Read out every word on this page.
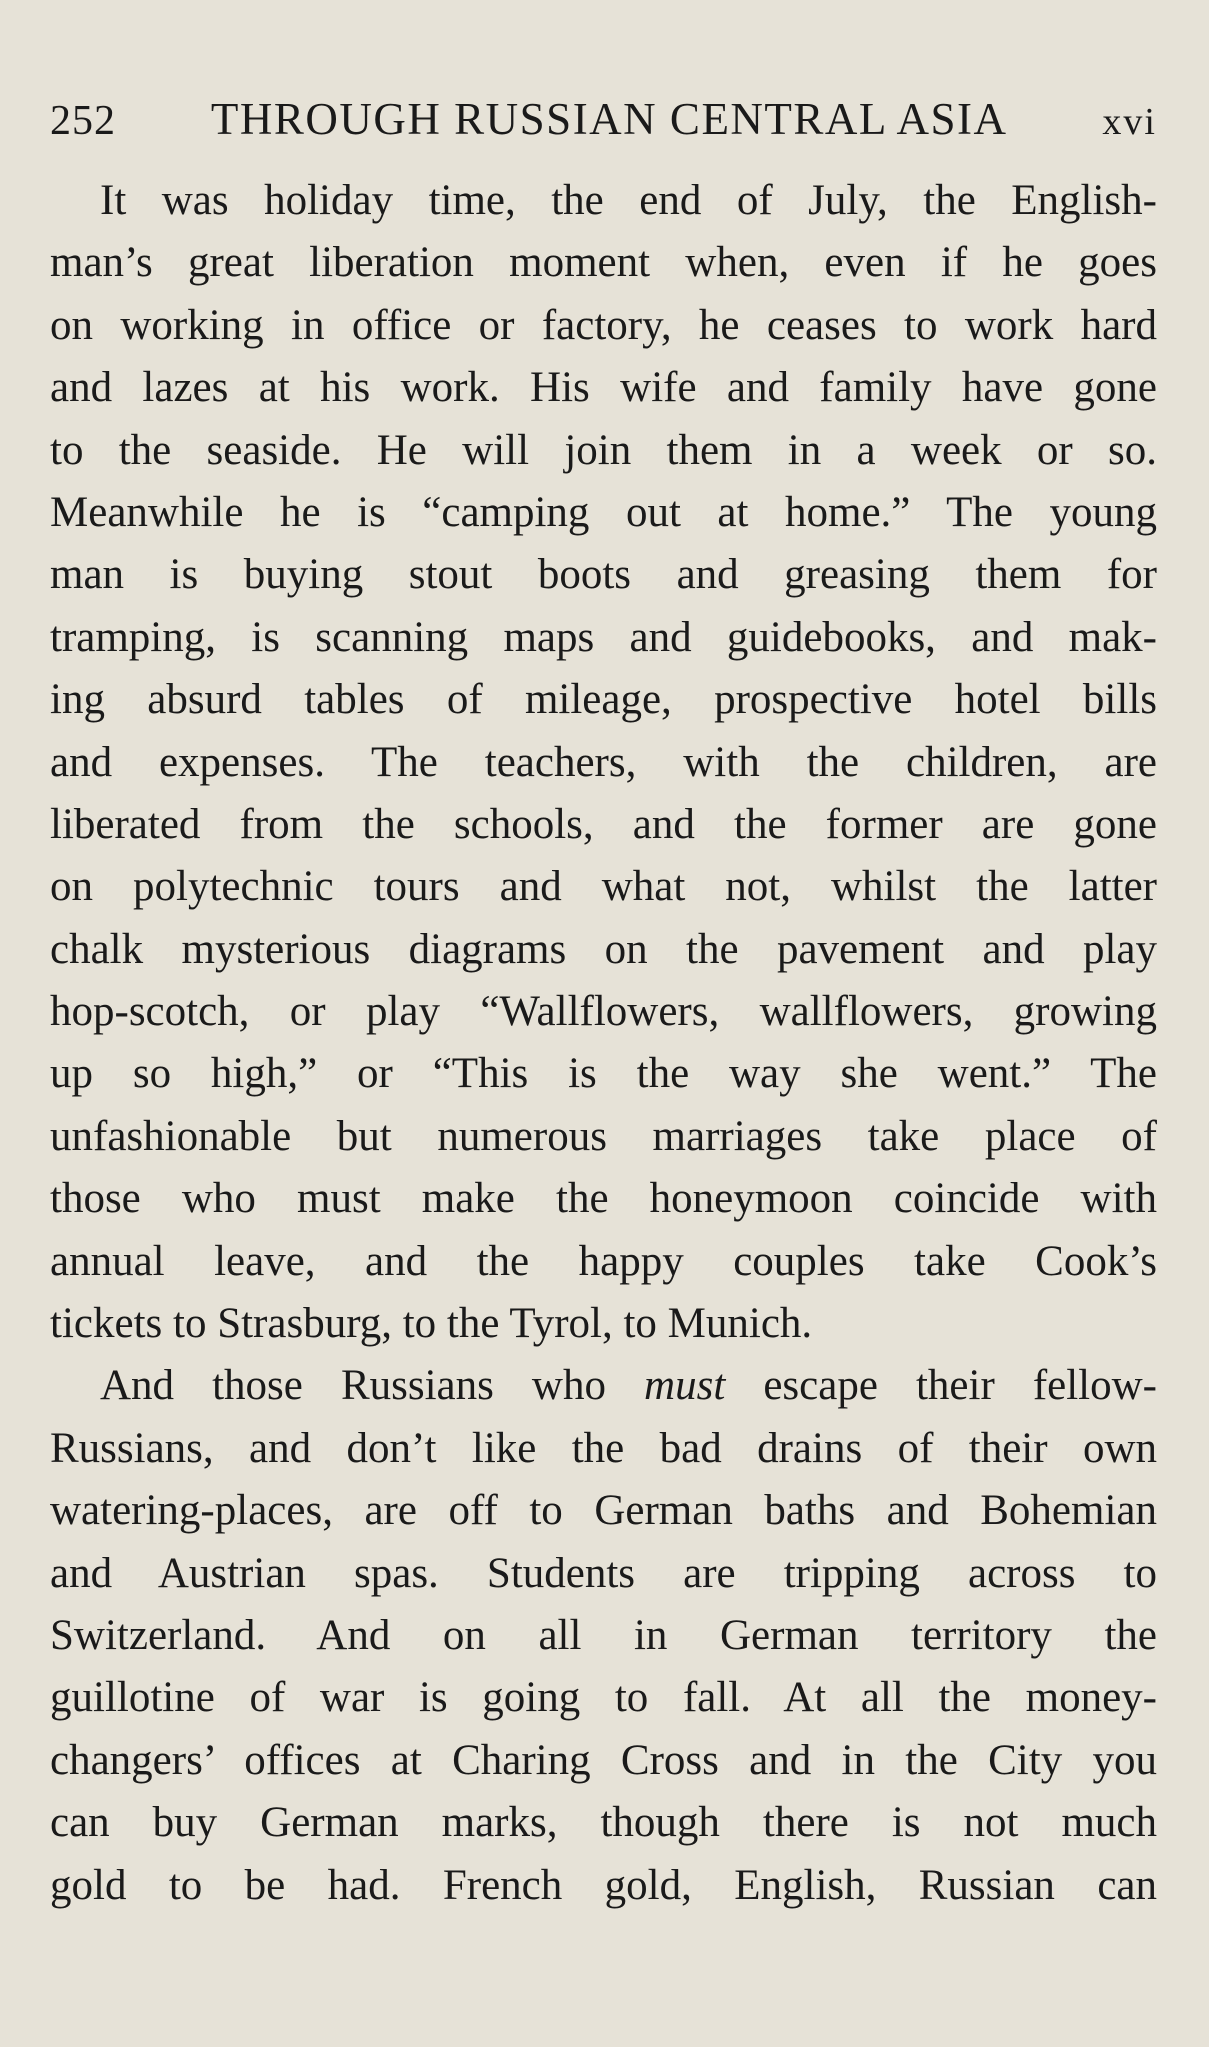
252 THROUGH RUSSIAN CENTRAL ASIA xvi
It was holiday time, the end of July, the English-
man’s great liberation moment when, even if he goes
on working in office or factory, he ceases to work hard
and lazes at his work. His wife and family have gone
to the seaside. He will join them in a week or so.
Meanwhile he is “camping out at home.” The young
man is buying stout boots and greasing them for
tramping, is scanning maps and guidebooks, and mak-
ing absurd tables of mileage, prospective hotel bills
and expenses. The teachers, with the children, are
liberated from the schools, and the former are gone
on polytechnic tours and what not, whilst the latter
chalk mysterious diagrams on the pavement and play
hop-scotch, or play “Wallflowers, wallflowers, growing
up so high,” or “This is the way she went.” The
unfashionable but numerous marriages take place of
those who must make the honeymoon coincide with
annual leave, and the happy couples take Cook’s
tickets to Strasburg, to the Tyrol, to Munich.
And those Russians who must escape their fellow-
Russians, and don’t like the bad drains of their own
watering-places, are off to German baths and Bohemian
and Austrian spas. Students are tripping across to
Switzerland. And on all in German territory the
guillotine of war is going to fall. At all the money-
changers’ offices at Charing Cross and in the City you
can buy German marks, though there is not much
gold to be had. French gold, English, Russian can
